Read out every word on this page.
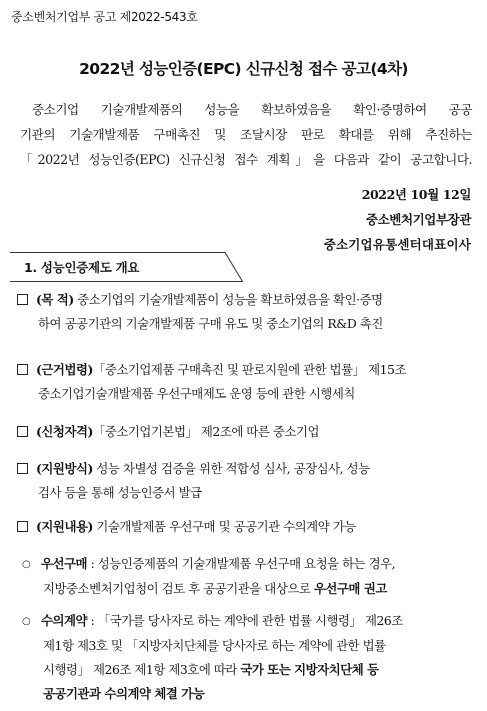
중소벤처기업부 공고 제2022-543호
2022년 성능인증(EPC) 신규신청 접수 공고(4차)
중소기업 기술개발제품의 성능을 확보하였음을 확인·증명하여 공공
기관의 기술개발제품 구매촉진 및 조달시장 판로 확대를 위해 추진하는
「2022년 성능인증(EPC) 신규신청 접수 계획」을 다음과 같이 공고합니다.
2022년 10월 12일
중소벤처기업부장관
중소기업유통센터대표이사
1. 성능인증제도 개요
(목 적) 중소기업의 기술개발제품이 성능을 확보하였음을 확인·증명
하여 공공기관의 기술개발제품 구매 유도 및 중소기업의 R&D 촉진
(근거법령)「중소기업제품 구매촉진 및 판로지원에 관한 법률」 제15조
중소기업기술개발제품 우선구매제도 운영 등에 관한 시행세칙
(신청자격)「중소기업기본법」 제2조에 따른 중소기업
(지원방식) 성능 차별성 검증을 위한 적합성 심사, 공장심사, 성능
검사 등을 통해 성능인증서 발급
(지원내용) 기술개발제품 우선구매 및 공공기관 수의계약 가능
○ 우선구매 : 성능인증제품의 기술개발제품 우선구매 요청을 하는 경우,
지방중소벤처기업청이 검토 후 공공기관을 대상으로 우선구매 권고
○ 수의계약 : 「국가를 당사자로 하는 계약에 관한 법률 시행령」 제26조
제1항 제3호 및 「지방자치단체를 당사자로 하는 계약에 관한 법률
시행령」 제26조 제1항 제3호에 따라 국가 또는 지방자치단체 등
공공기관과 수의계약 체결 가능
